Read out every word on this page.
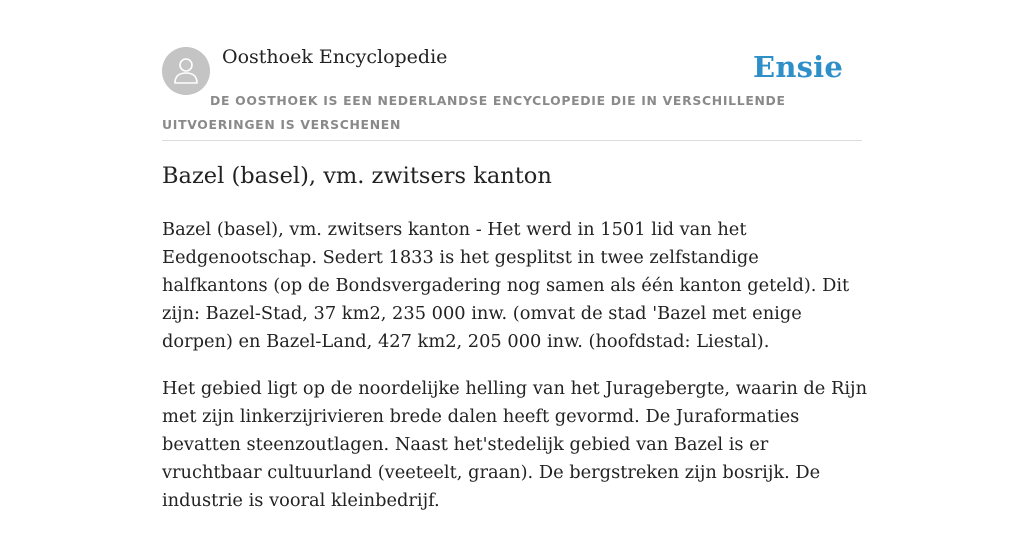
Oosthoek Encyclopedie	Ensie
DE OOSTHOEK IS EEN NEDERLANDSE ENCYCLOPEDIE DIE IN VERSCHILLENDE UITVOERINGEN IS VERSCHENEN
Bazel (basel), vm. zwitsers kanton

Bazel (basel), vm. zwitsers kanton - Het werd in 1501 lid van het Eedgenootschap. Sedert 1833 is het gesplitst in twee zelfstandige halfkantons (op de Bondsvergadering nog samen als één kanton geteld). Dit zijn: Bazel-Stad, 37 km2, 235 000 inw. (omvat de stad 'Bazel met enige dorpen) en Bazel-Land, 427 km2, 205 000 inw. (hoofdstad: Liestal).

Het gebied ligt op de noordelijke helling van het Juragebergte, waarin de Rijn met zijn linkerzijrivieren brede dalen heeft gevormd. De Juraformaties bevatten steenzoutlagen. Naast het'stedelijk gebied van Bazel is er vruchtbaar cultuurland (veeteelt, graan). De bergstreken zijn bosrijk. De industrie is vooral kleinbedrijf.
